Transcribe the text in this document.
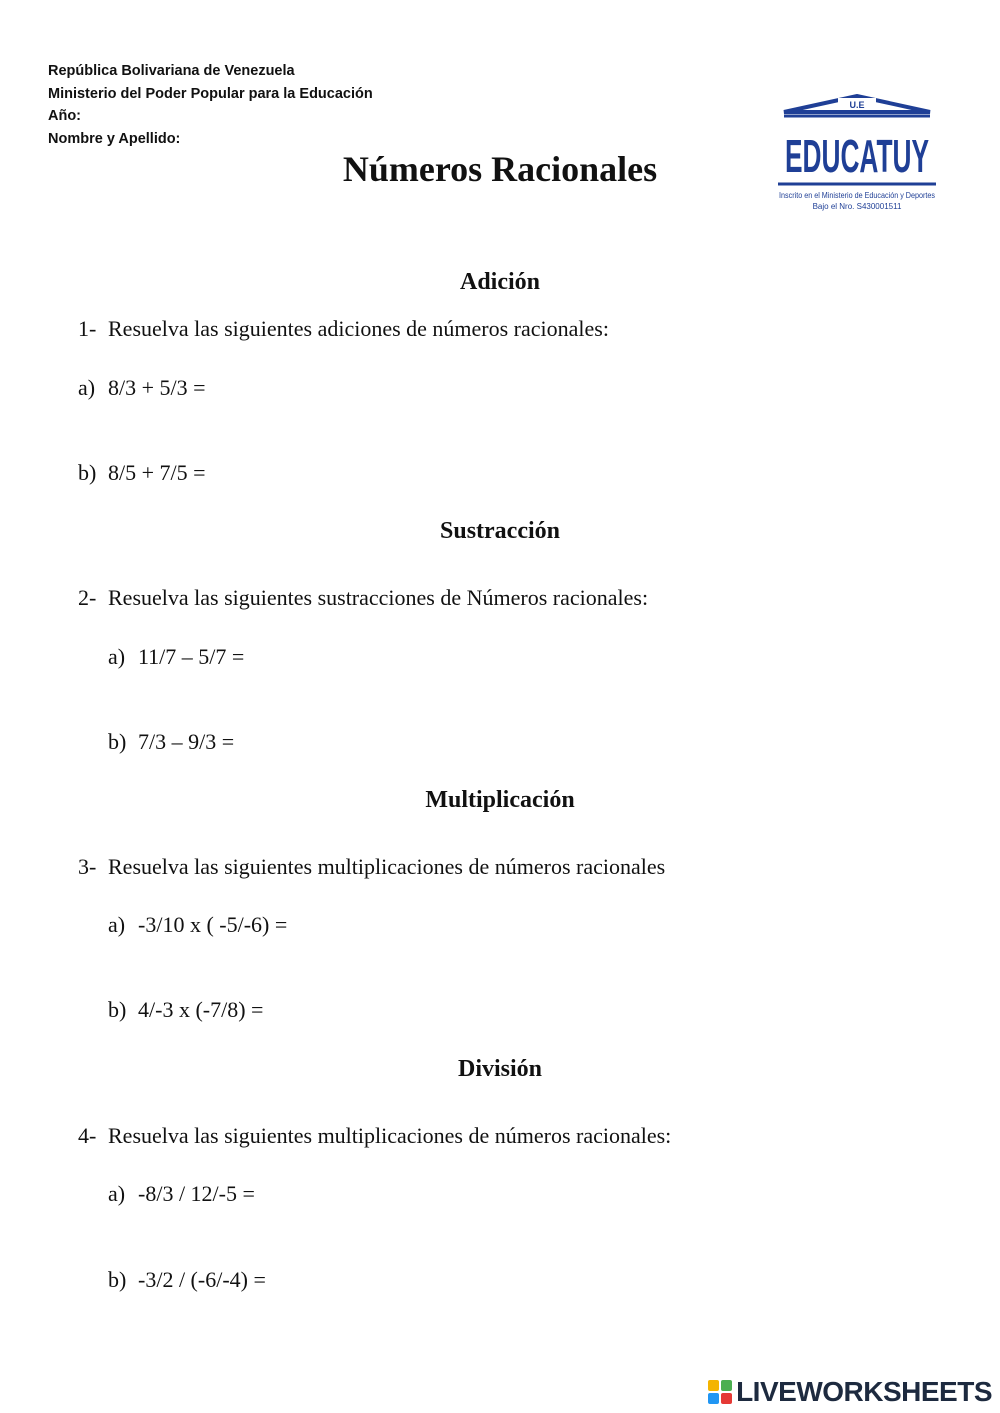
República Bolivariana de Venezuela
Ministerio del Poder Popular para la Educación
Año:
Nombre y Apellido:
Números Racionales
U.E
EDUCATUY
Inscrito en el Ministerio de Educación y Deportes
Bajo el Nro. S430001511
Adición
1- Resuelva las siguientes adiciones de números racionales:
a) 8/3 + 5/3 =
b) 8/5 + 7/5 =
Sustracción
2- Resuelva las siguientes sustracciones de Números racionales:
a) 11/7 – 5/7 =
b) 7/3 – 9/3 =
Multiplicación
3- Resuelva las siguientes multiplicaciones de números racionales
a) -3/10 x ( -5/-6) =
b) 4/-3 x (-7/8) =
División
4- Resuelva las siguientes multiplicaciones de números racionales:
a) -8/3 / 12/-5 =
b) -3/2 / (-6/-4) =
LIVEWORKSHEETS
